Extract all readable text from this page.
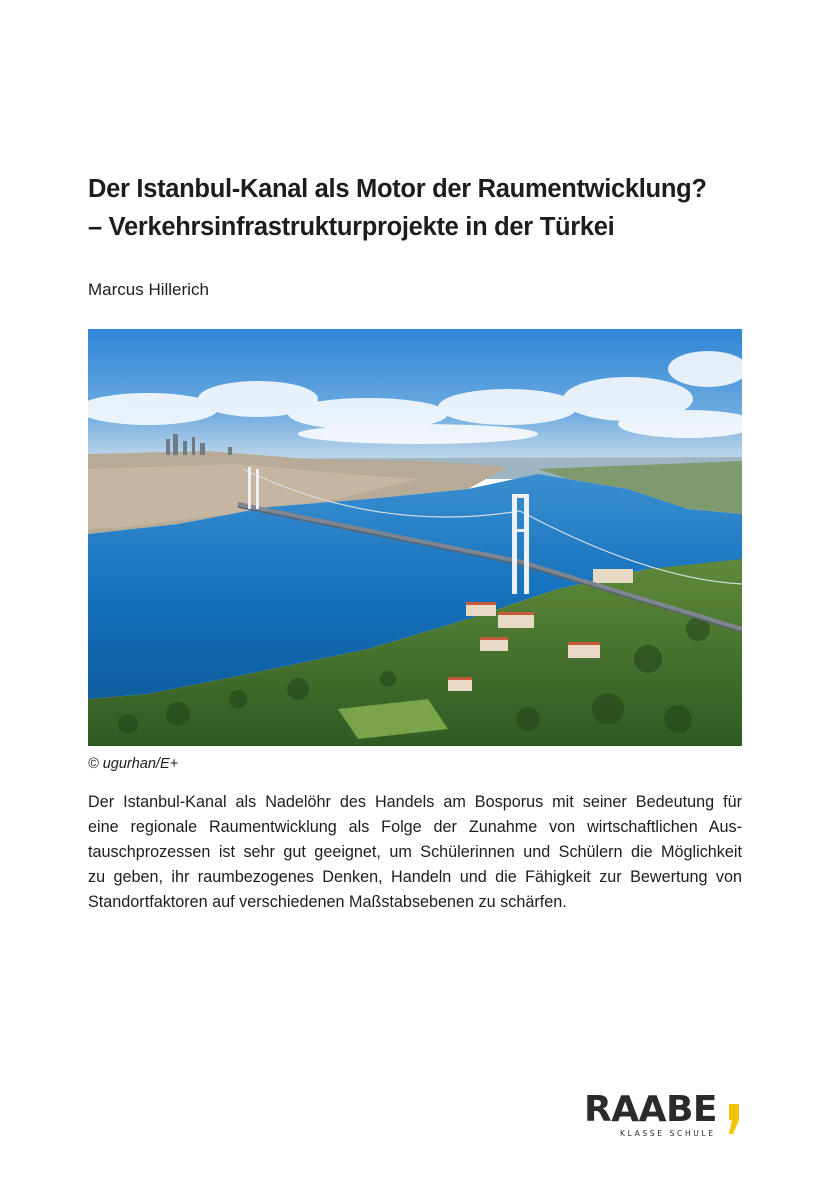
Der Istanbul-Kanal als Motor der Raumentwicklung?
– Verkehrsinfrastrukturprojekte in der Türkei
Marcus Hillerich
© ugurhan/E+

Der Istanbul-Kanal als Nadelöhr des Handels am Bosporus mit seiner Bedeutung für
eine regionale Raumentwicklung als Folge der Zunahme von wirtschaftlichen Aus-
tauschprozessen ist sehr gut geeignet, um Schülerinnen und Schülern die Möglichkeit
zu geben, ihr raumbezogenes Denken, Handeln und die Fähigkeit zur Bewertung von
Standortfaktoren auf verschiedenen Maßstabsebenen zu schärfen.

RAABE
KLASSE SCHULE
